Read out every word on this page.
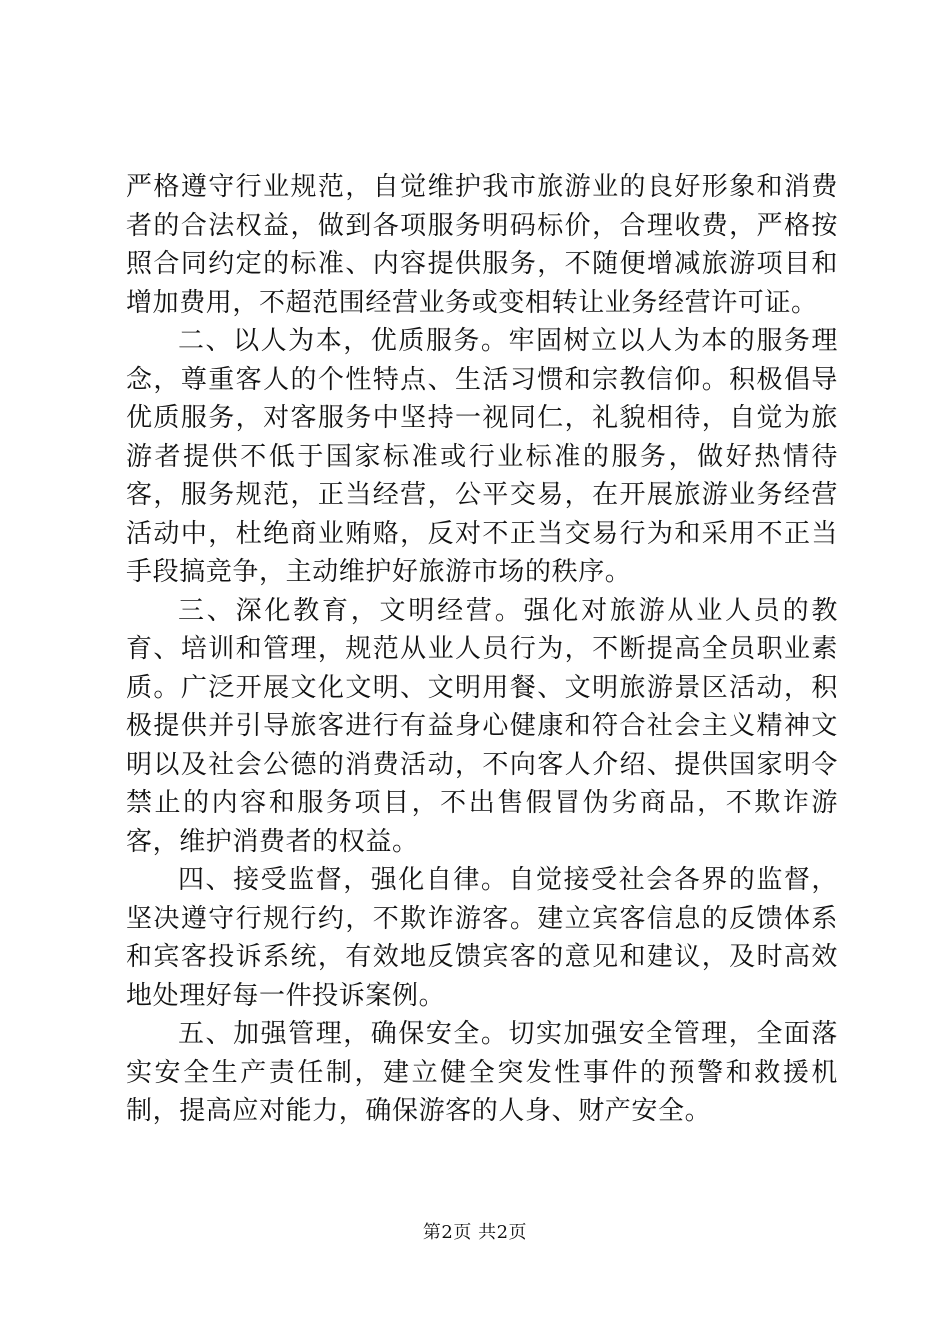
严格遵守行业规范，自觉维护我市旅游业的良好形象和消费者的合法权益，做到各项服务明码标价，合理收费，严格按照合同约定的标准、内容提供服务，不随便增减旅游项目和增加费用，不超范围经营业务或变相转让业务经营许可证。

二、以人为本，优质服务。牢固树立以人为本的服务理念，尊重客人的个性特点、生活习惯和宗教信仰。积极倡导优质服务，对客服务中坚持一视同仁，礼貌相待，自觉为旅游者提供不低于国家标准或行业标准的服务，做好热情待客，服务规范，正当经营，公平交易，在开展旅游业务经营活动中，杜绝商业贿赂，反对不正当交易行为和采用不正当手段搞竞争，主动维护好旅游市场的秩序。

三、深化教育，文明经营。强化对旅游从业人员的教育、培训和管理，规范从业人员行为，不断提高全员职业素质。广泛开展文化文明、文明用餐、文明旅游景区活动，积极提供并引导旅客进行有益身心健康和符合社会主义精神文明以及社会公德的消费活动，不向客人介绍、提供国家明令禁止的内容和服务项目，不出售假冒伪劣商品，不欺诈游客，维护消费者的权益。

四、接受监督，强化自律。自觉接受社会各界的监督，坚决遵守行规行约，不欺诈游客。建立宾客信息的反馈体系和宾客投诉系统，有效地反馈宾客的意见和建议，及时高效地处理好每一件投诉案例。

五、加强管理，确保安全。切实加强安全管理，全面落实安全生产责任制，建立健全突发性事件的预警和救援机制，提高应对能力，确保游客的人身、财产安全。

第2页 共2页
